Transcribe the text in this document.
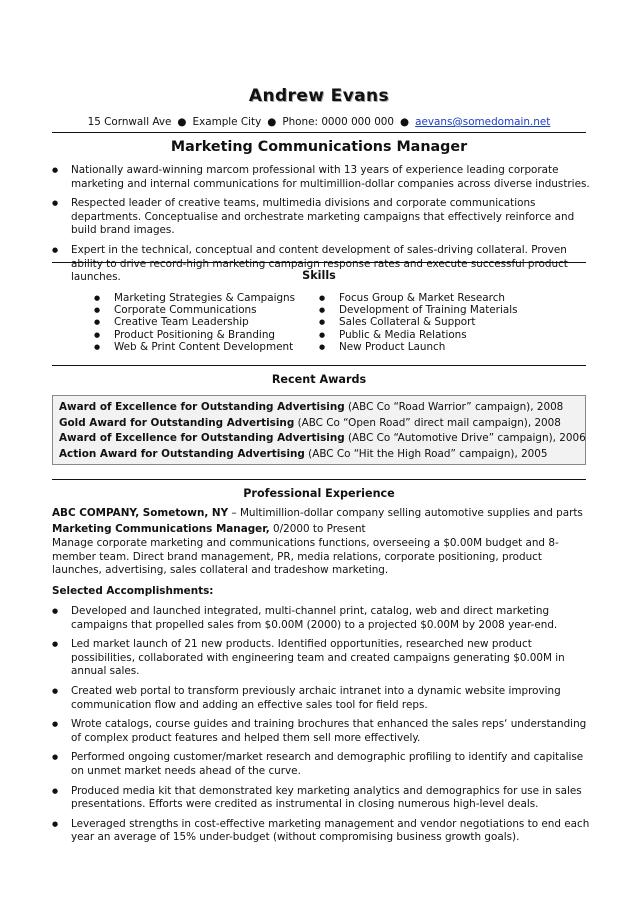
Andrew Evans
15 Cornwall Ave ● Example City ● Phone: 0000 000 000 ● aevans@somedomain.net
Marketing Communications Manager
● Nationally award-winning marcom professional with 13 years of experience leading corporate marketing and internal communications for multimillion-dollar companies across diverse industries.
● Respected leader of creative teams, multimedia divisions and corporate communications departments. Conceptualise and orchestrate marketing campaigns that effectively reinforce and build brand images.
● Expert in the technical, conceptual and content development of sales-driving collateral. Proven ability to drive record-high marketing campaign response rates and execute successful product launches.	Skills
● Marketing Strategies & Campaigns
● Corporate Communications
● Creative Team Leadership
● Product Positioning & Branding
● Web & Print Content Development
● Focus Group & Market Research
● Development of Training Materials
● Sales Collateral & Support
● Public & Media Relations
● New Product Launch
Recent Awards
Award of Excellence for Outstanding Advertising (ABC Co “Road Warrior” campaign), 2008
Gold Award for Outstanding Advertising (ABC Co “Open Road” direct mail campaign), 2008
Award of Excellence for Outstanding Advertising (ABC Co “Automotive Drive” campaign), 2006
Action Award for Outstanding Advertising (ABC Co “Hit the High Road” campaign), 2005
Professional Experience
ABC COMPANY, Sometown, NY – Multimillion-dollar company selling automotive supplies and parts
Marketing Communications Manager, 0/2000 to Present
Manage corporate marketing and communications functions, overseeing a $0.00M budget and 8-member team. Direct brand management, PR, media relations, corporate positioning, product launches, advertising, sales collateral and tradeshow marketing.
Selected Accomplishments:
● Developed and launched integrated, multi-channel print, catalog, web and direct marketing campaigns that propelled sales from $0.00M (2000) to a projected $0.00M by 2008 year-end.
● Led market launch of 21 new products. Identified opportunities, researched new product possibilities, collaborated with engineering team and created campaigns generating $0.00M in annual sales.
● Created web portal to transform previously archaic intranet into a dynamic website improving communication flow and adding an effective sales tool for field reps.
● Wrote catalogs, course guides and training brochures that enhanced the sales reps‘ understanding of complex product features and helped them sell more effectively.
● Performed ongoing customer/market research and demographic profiling to identify and capitalise on unmet market needs ahead of the curve.
● Produced media kit that demonstrated key marketing analytics and demographics for use in sales presentations. Efforts were credited as instrumental in closing numerous high-level deals.
● Leveraged strengths in cost-effective marketing management and vendor negotiations to end each year an average of 15% under-budget (without compromising business growth goals).
